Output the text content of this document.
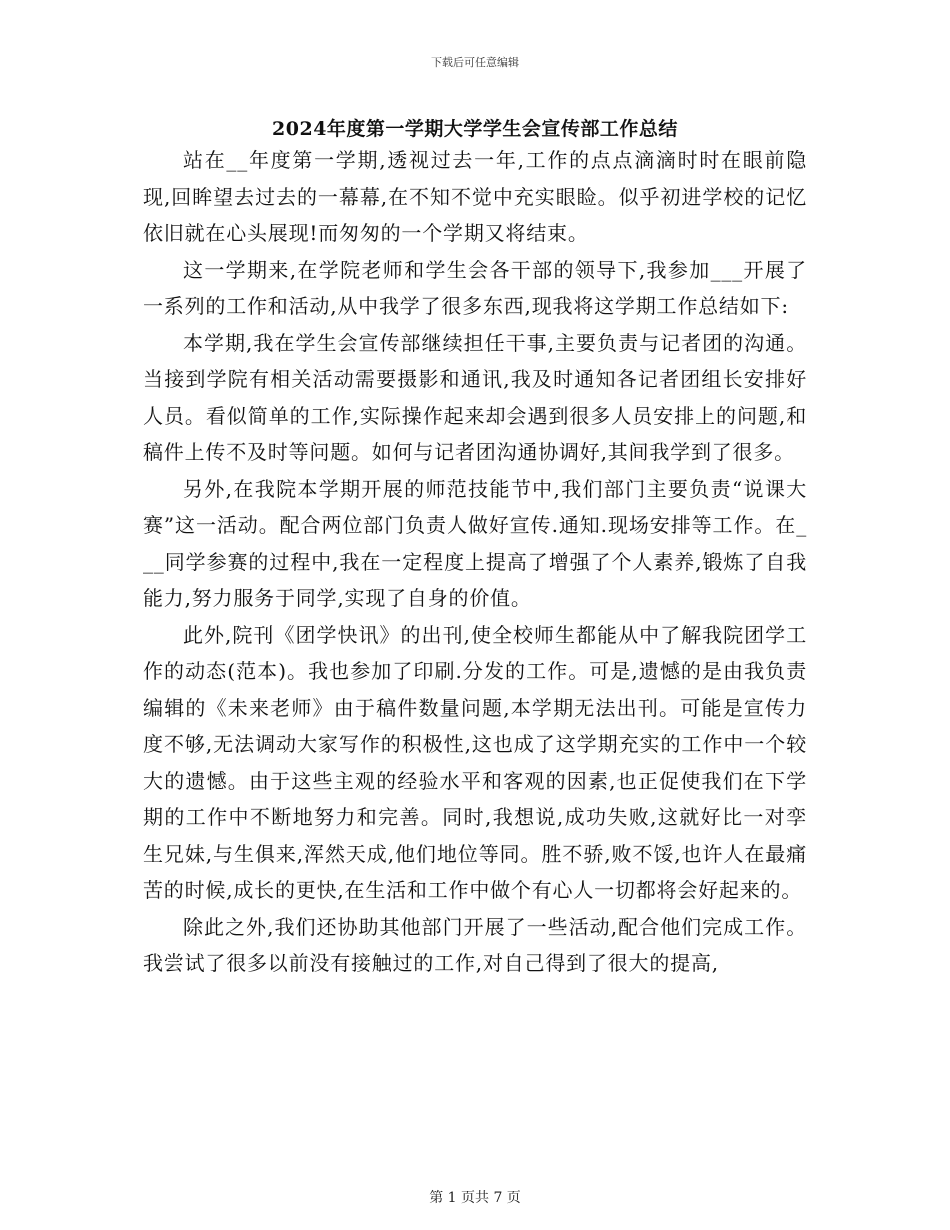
下载后可任意编辑
2024年度第一学期大学学生会宣传部工作总结

站在__年度第一学期,透视过去一年,工作的点点滴滴时时在眼前隐现,回眸望去过去的一幕幕,在不知不觉中充实眼睑。似乎初进学校的记忆依旧就在心头展现!而匆匆的一个学期又将结束。

这一学期来,在学院老师和学生会各干部的领导下,我参加___开展了一系列的工作和活动,从中我学了很多东西,现我将这学期工作总结如下:

本学期,我在学生会宣传部继续担任干事,主要负责与记者团的沟通。当接到学院有相关活动需要摄影和通讯,我及时通知各记者团组长安排好人员。看似简单的工作,实际操作起来却会遇到很多人员安排上的问题,和稿件上传不及时等问题。如何与记者团沟通协调好,其间我学到了很多。

另外,在我院本学期开展的师范技能节中,我们部门主要负责“说课大赛”这一活动。配合两位部门负责人做好宣传.通知.现场安排等工作。在___同学参赛的过程中,我在一定程度上提高了增强了个人素养,锻炼了自我能力,努力服务于同学,实现了自身的价值。

此外,院刊《团学快讯》的出刊,使全校师生都能从中了解我院团学工作的动态(范本)。我也参加了印刷.分发的工作。可是,遗憾的是由我负责编辑的《未来老师》由于稿件数量问题,本学期无法出刊。可能是宣传力度不够,无法调动大家写作的积极性,这也成了这学期充实的工作中一个较大的遗憾。由于这些主观的经验水平和客观的因素,也正促使我们在下学期的工作中不断地努力和完善。同时,我想说,成功失败,这就好比一对孪生兄妹,与生俱来,浑然天成,他们地位等同。胜不骄,败不馁,也许人在最痛苦的时候,成长的更快,在生活和工作中做个有心人一切都将会好起来的。

除此之外,我们还协助其他部门开展了一些活动,配合他们完成工作。我尝试了很多以前没有接触过的工作,对自己得到了很大的提高,

第 1 页共 7 页
